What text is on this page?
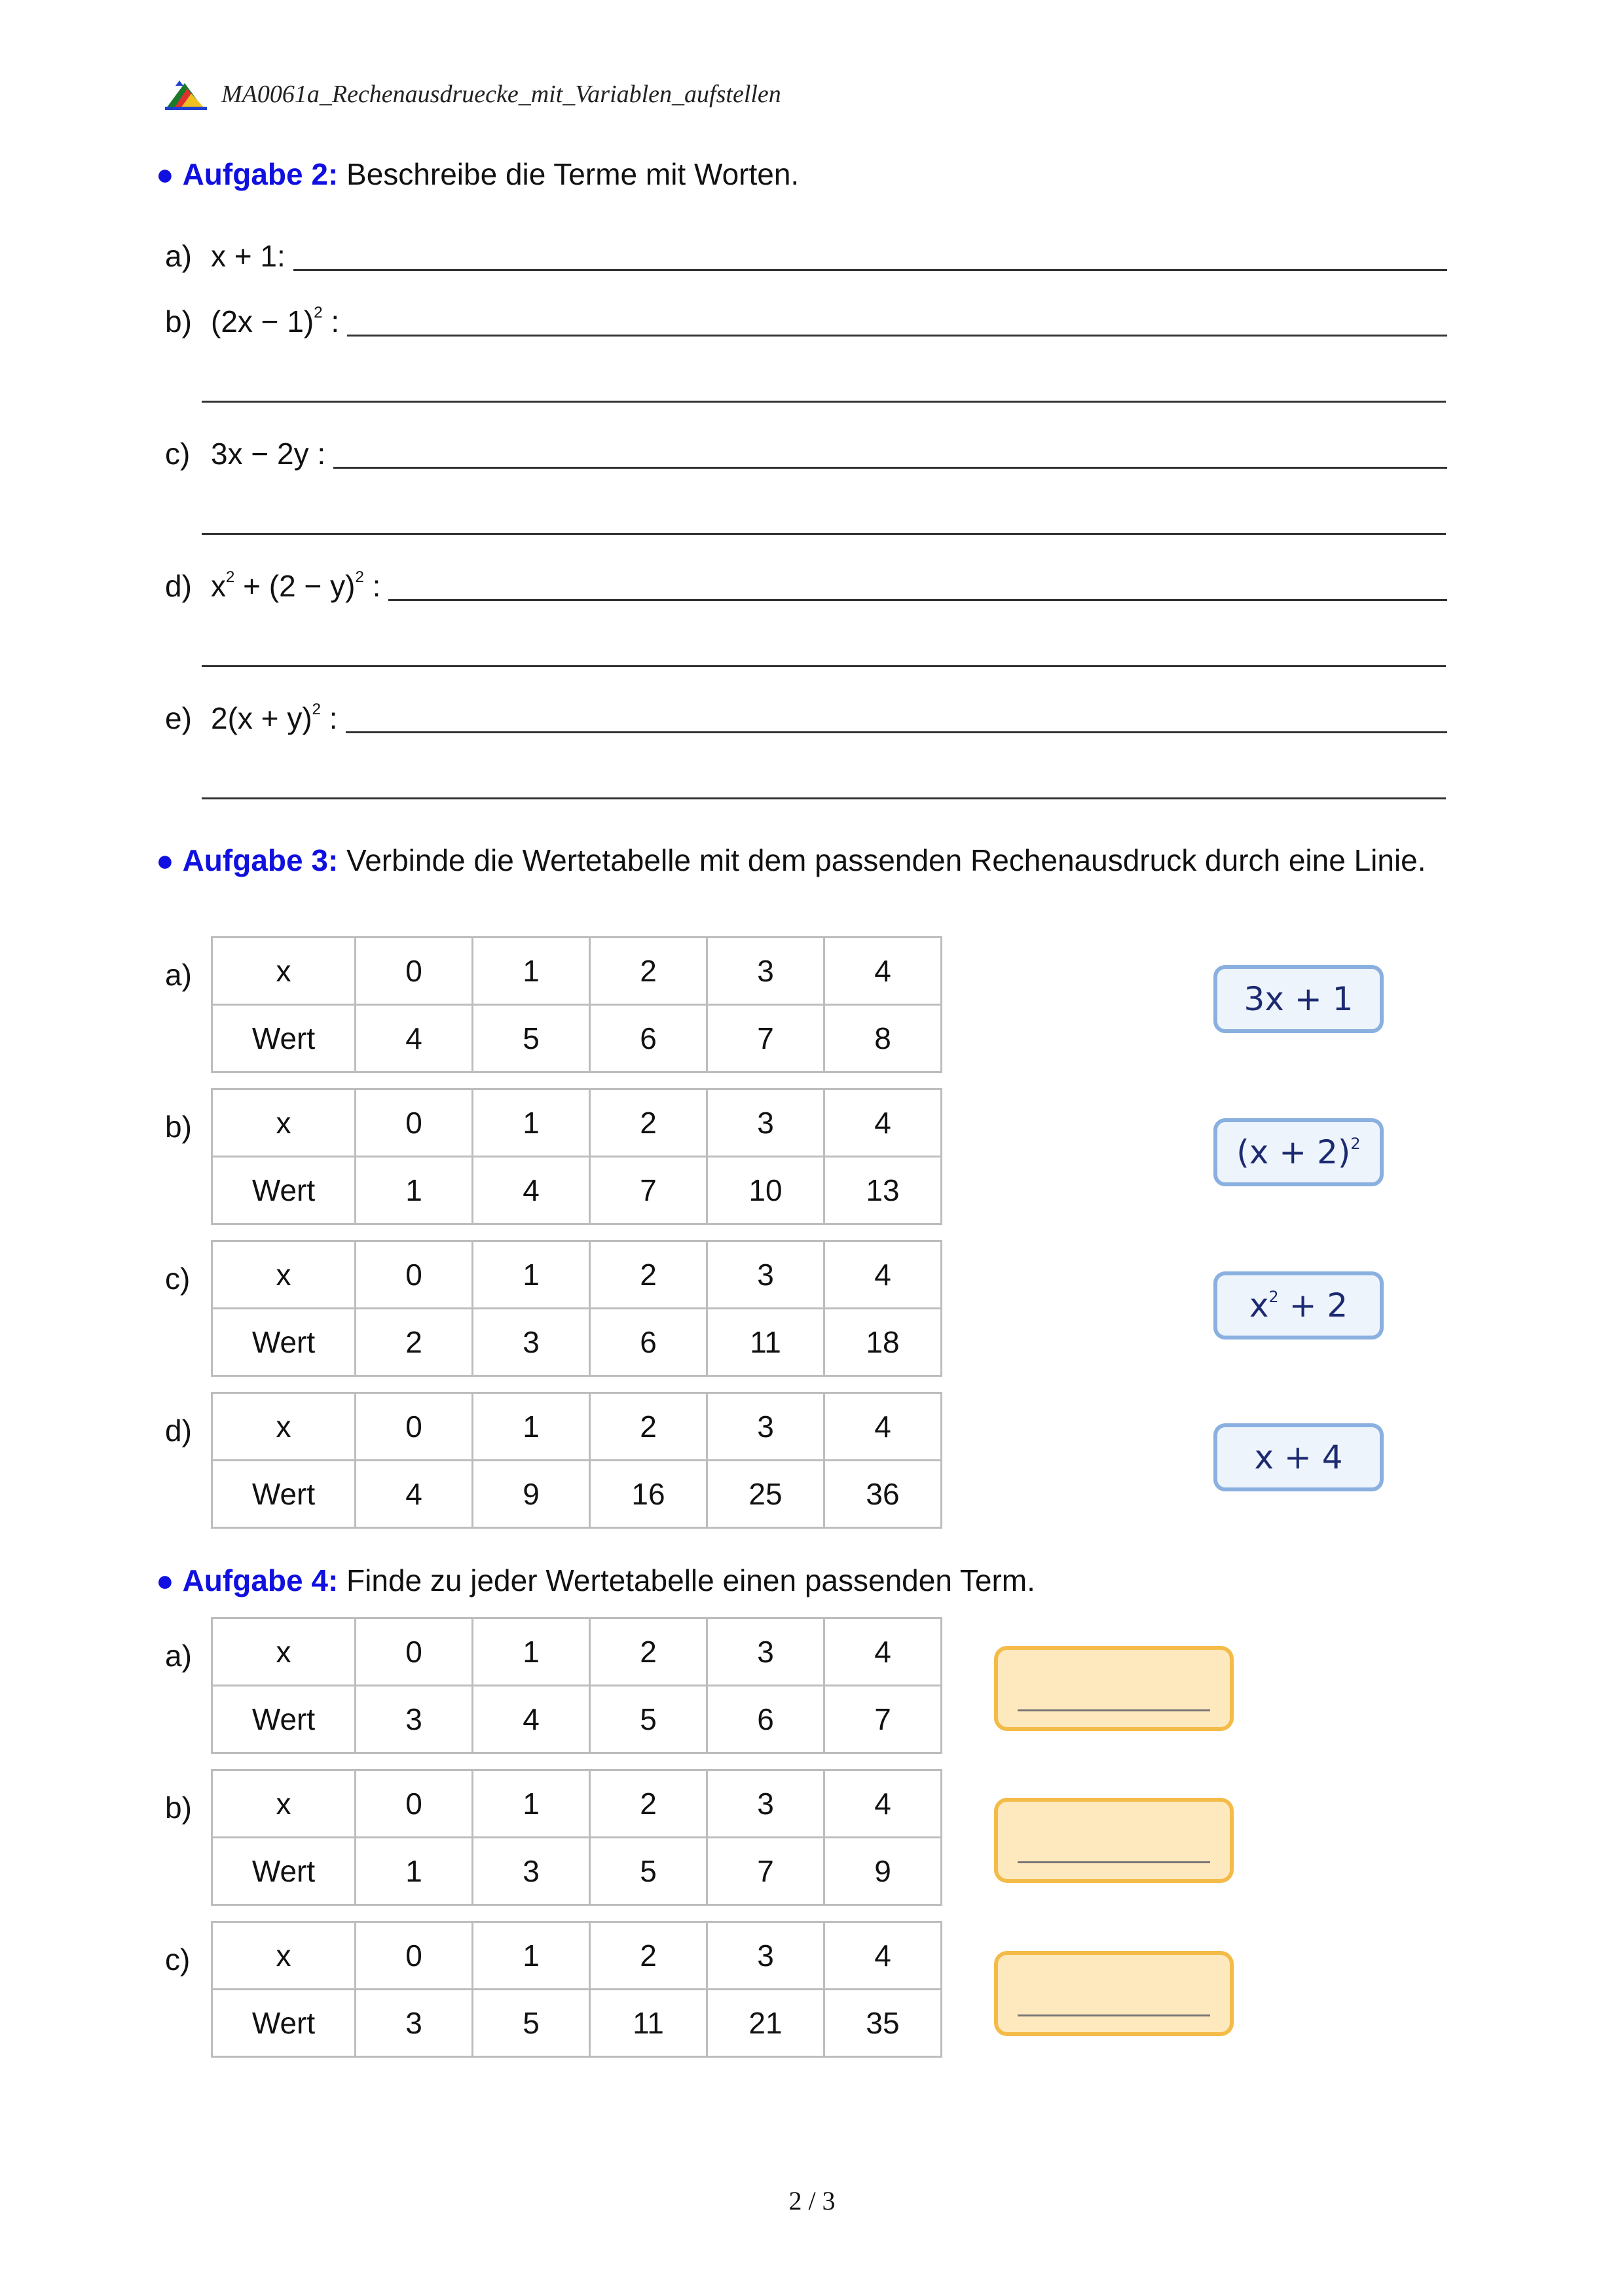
MA0061a_Rechenausdruecke_mit_Variablen_aufstellen
● Aufgabe 2: Beschreibe die Terme mit Worten.
a) x + 1:
b) $(2x - 1)^2$ :
c) 3x − 2y :
d) $x^2 + (2 - y)^2$ :
e) $2(x + y)^2$ :
● Aufgabe 3: Verbinde die Wertetabelle mit dem passenden Rechenausdruck durch eine Linie.
a)	x	0	1	2	3	4
Wert	4	5	6	7	8
b)	x	0	1	2	3	4
Wert	1	4	7	10	13
c)	x	0	1	2	3	4
Wert	2	3	6	11	18
d)	x	0	1	2	3	4
Wert	4	9	16	25	36
3x + 1
$(x + 2)^2$
$x^2 + 2$
x + 4
● Aufgabe 4: Finde zu jeder Wertetabelle einen passenden Term.
a)	x	0	1	2	3	4
Wert	3	4	5	6	7
b)	x	0	1	2	3	4
Wert	1	3	5	7	9
c)	x	0	1	2	3	4
Wert	3	5	11	21	35
2 / 3
